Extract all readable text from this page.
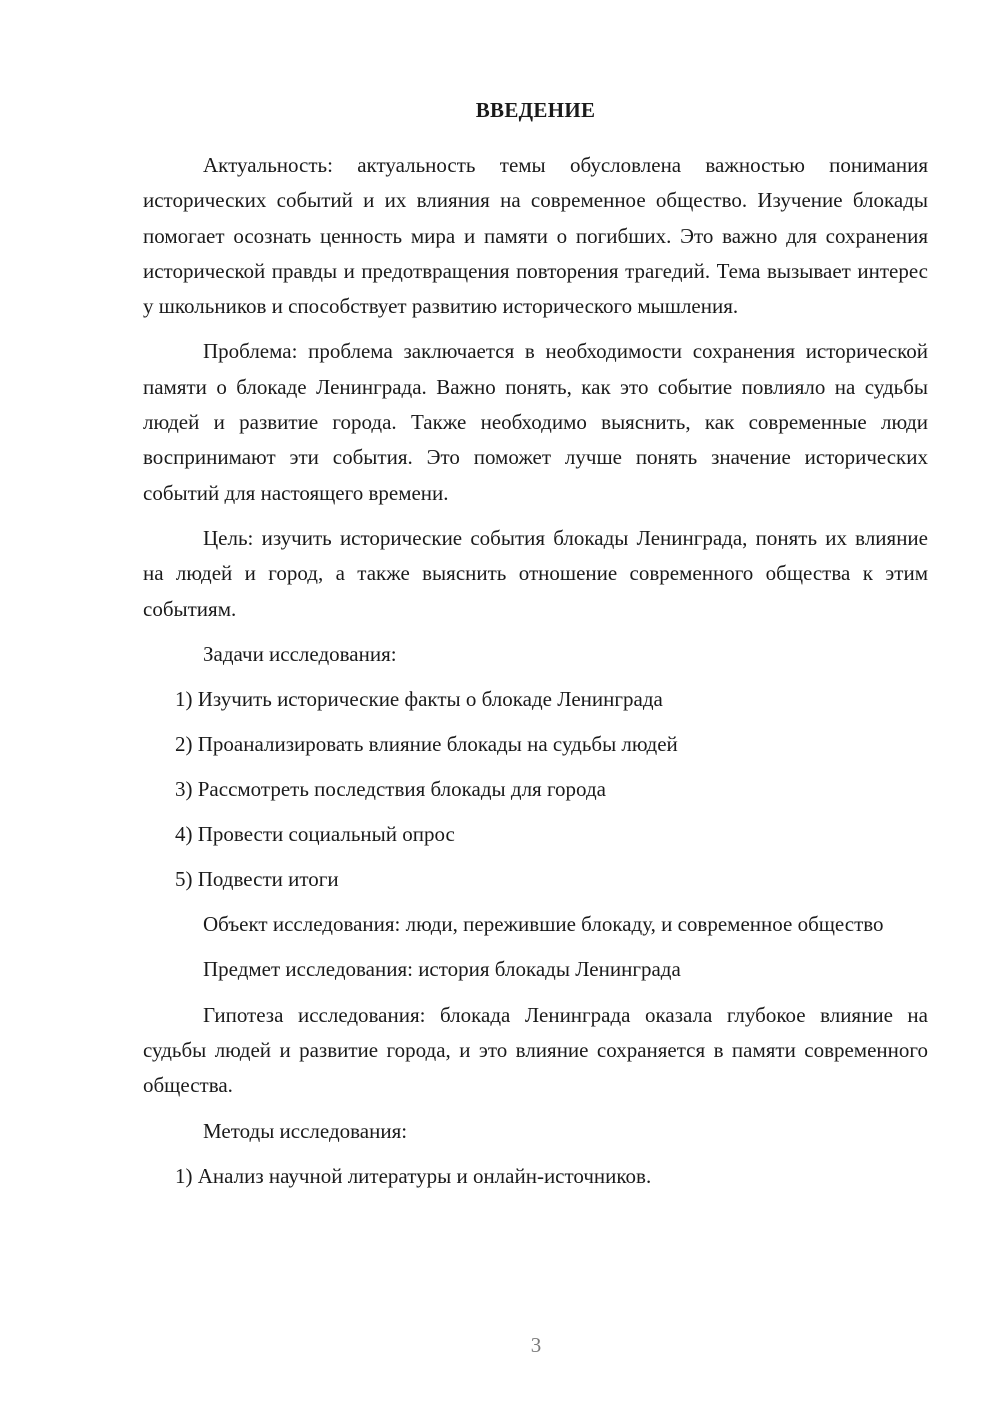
ВВЕДЕНИЕ

Актуальность: актуальность темы обусловлена важностью понимания исторических событий и их влияния на современное общество. Изучение блокады помогает осознать ценность мира и памяти о погибших. Это важно для сохранения исторической правды и предотвращения повторения трагедий. Тема вызывает интерес у школьников и способствует развитию исторического мышления.

Проблема: проблема заключается в необходимости сохранения исторической памяти о блокаде Ленинграда. Важно понять, как это событие повлияло на судьбы людей и развитие города. Также необходимо выяснить, как современные люди воспринимают эти события. Это поможет лучше понять значение исторических событий для настоящего времени.

Цель: изучить исторические события блокады Ленинграда, понять их влияние на людей и город, а также выяснить отношение современного общества к этим событиям.

Задачи исследования:

1) Изучить исторические факты о блокаде Ленинграда
2) Проанализировать влияние блокады на судьбы людей
3) Рассмотреть последствия блокады для города
4) Провести социальный опрос
5) Подвести итоги

Объект исследования: люди, пережившие блокаду, и современное общество

Предмет исследования: история блокады Ленинграда

Гипотеза исследования: блокада Ленинграда оказала глубокое влияние на судьбы людей и развитие города, и это влияние сохраняется в памяти современного общества.

Методы исследования:

1) Анализ научной литературы и онлайн-источников.
3
